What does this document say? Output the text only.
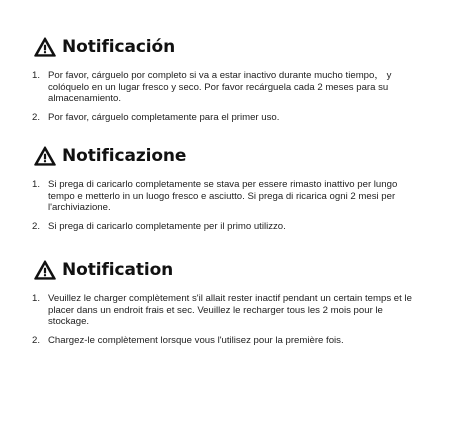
Notificación
1. Por favor, cárguelo por completo si va a estar inactivo durante mucho tiempo， y colóquelo en un lugar fresco y seco. Por favor recárguela cada 2 meses para su almacenamiento.
2. Por favor, cárguelo completamente para el primer uso.
Notificazione
1. Si prega di caricarlo completamente se stava per essere rimasto inattivo per lungo tempo e metterlo in un luogo fresco e asciutto. Si prega di ricarica ogni 2 mesi per l'archiviazione.
2. Si prega di caricarlo completamente per il primo utilizzo.
Notification
1. Veuillez le charger complètement s'il allait rester inactif pendant un certain temps et le placer dans un endroit frais et sec. Veuillez le recharger tous les 2 mois pour le stockage.
2. Chargez-le complètement lorsque vous l'utilisez pour la première fois.
